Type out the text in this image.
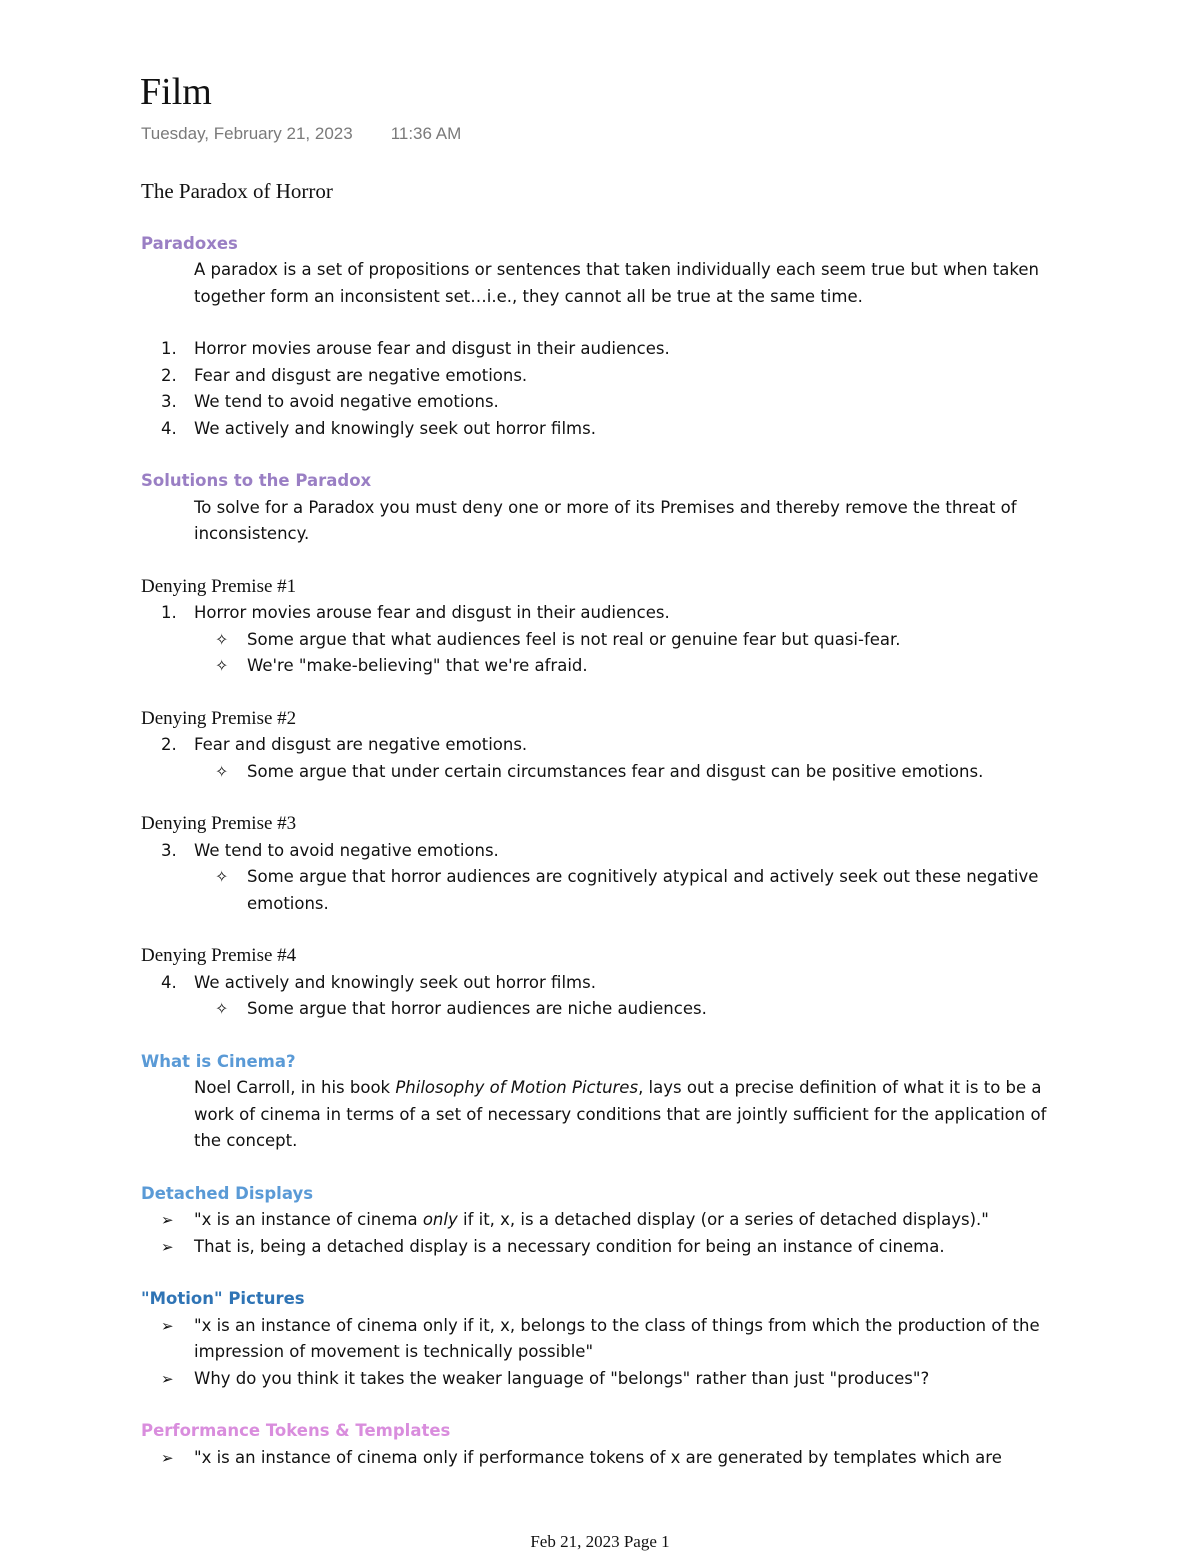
Film
Tuesday, February 21, 2023 11:36 AM
The Paradox of Horror
Paradoxes

A paradox is a set of propositions or sentences that taken individually each seem true but when taken together form an inconsistent set…i.e., they cannot all be true at the same time.

1. Horror movies arouse fear and disgust in their audiences.
2. Fear and disgust are negative emotions.
3. We tend to avoid negative emotions.
4. We actively and knowingly seek out horror films.
Solutions to the Paradox

To solve for a Paradox you must deny one or more of its Premises and thereby remove the threat of inconsistency.

Denying Premise #1
1. Horror movies arouse fear and disgust in their audiences.
✧ Some argue that what audiences feel is not real or genuine fear but quasi-fear.
✧ We're "make-believing" that we're afraid.
Denying Premise #2
2. Fear and disgust are negative emotions.
✧ Some argue that under certain circumstances fear and disgust can be positive emotions.
Denying Premise #3
3. We tend to avoid negative emotions.
✧ Some argue that horror audiences are cognitively atypical and actively seek out these negative emotions.
Denying Premise #4
4. We actively and knowingly seek out horror films.
✧ Some argue that horror audiences are niche audiences.
What is Cinema?

Noel Carroll, in his book Philosophy of Motion Pictures, lays out a precise definition of what it is to be a work of cinema in terms of a set of necessary conditions that are jointly sufficient for the application of the concept.

Detached Displays
➢ "x is an instance of cinema only if it, x, is a detached display (or a series of detached displays)."
➢ That is, being a detached display is a necessary condition for being an instance of cinema.
"Motion" Pictures
➢ "x is an instance of cinema only if it, x, belongs to the class of things from which the production of the impression of movement is technically possible"
➢ Why do you think it takes the weaker language of "belongs" rather than just "produces"?
Performance Tokens & Templates
➢ "x is an instance of cinema only if performance tokens of x are generated by templates which are
Feb 21, 2023 Page 1
